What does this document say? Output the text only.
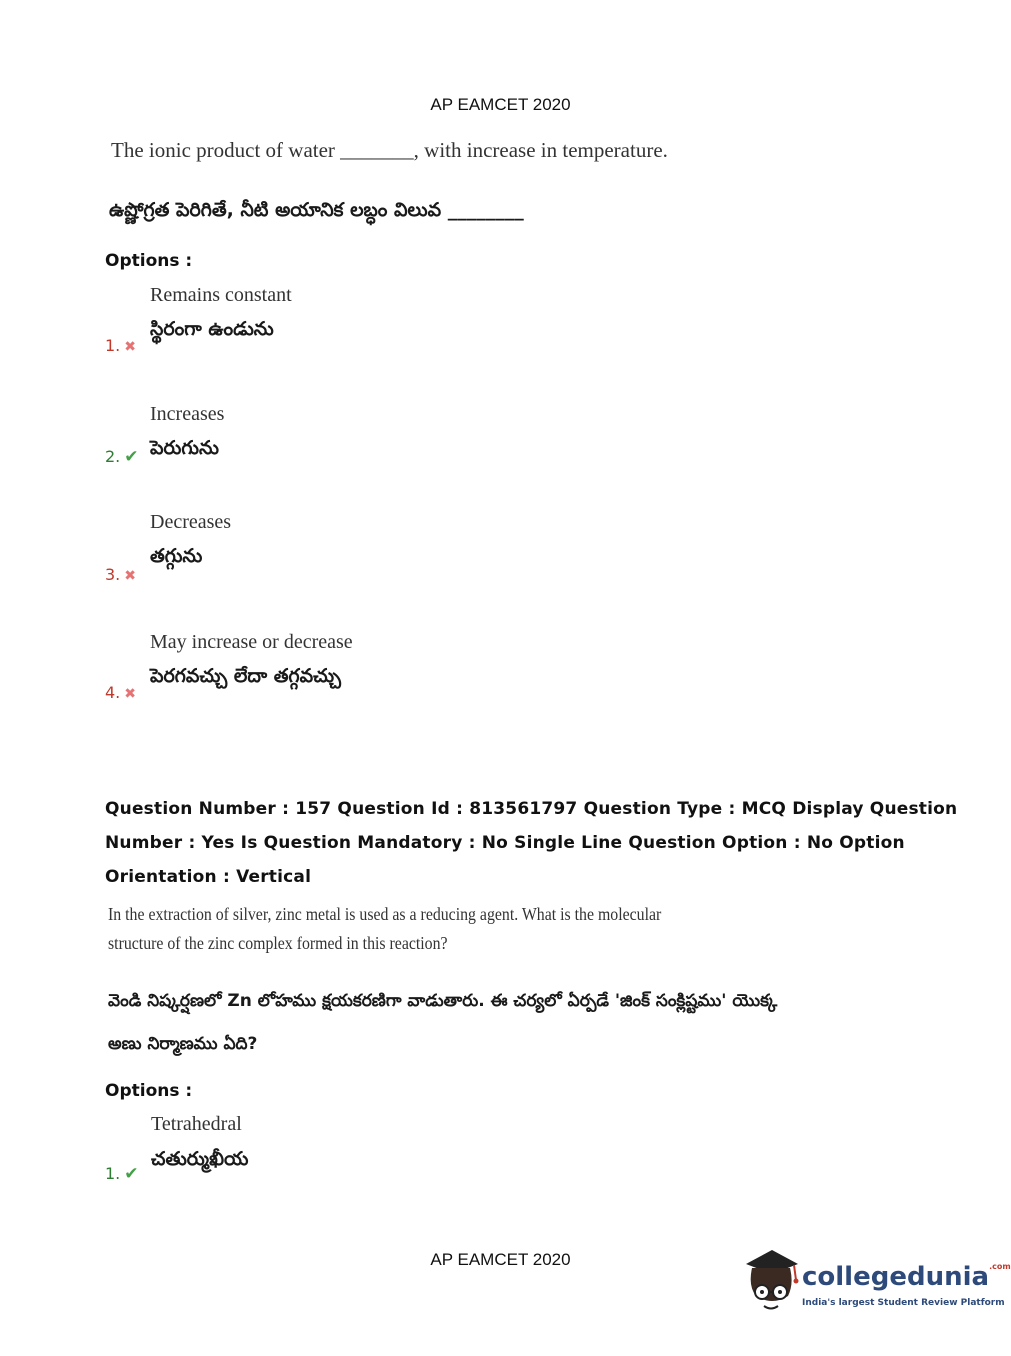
AP EAMCET 2020
The ionic product of water _______, with increase in temperature.
ఉష్ణోగ్రత పెరిగితే, నీటి అయానిక లబ్ధం విలువ ________
Options :
Remains constant
స్థిరంగా ఉండును
1. ✖
Increases
పెరుగును
2. ✔
Decreases
తగ్గును
3. ✖
May increase or decrease
పెరగవచ్చు లేదా తగ్గవచ్చు
4. ✖
Question Number : 157 Question Id : 813561797 Question Type : MCQ Display Question
Number : Yes Is Question Mandatory : No Single Line Question Option : No Option
Orientation : Vertical
In the extraction of silver, zinc metal is used as a reducing agent. What is the molecular
structure of the zinc complex formed in this reaction?
వెండి నిష్కర్షణలో Zn లోహము క్షయకరణిగా వాడుతారు. ఈ చర్యలో ఏర్పడే 'జింక్ సంక్లిష్టము' యొక్క
అణు నిర్మాణము ఏది?
Options :
Tetrahedral
చతుర్ముఖీయ
1. ✔
AP EAMCET 2020
collegedunia$^{.com}$
India's largest Student Review Platform
